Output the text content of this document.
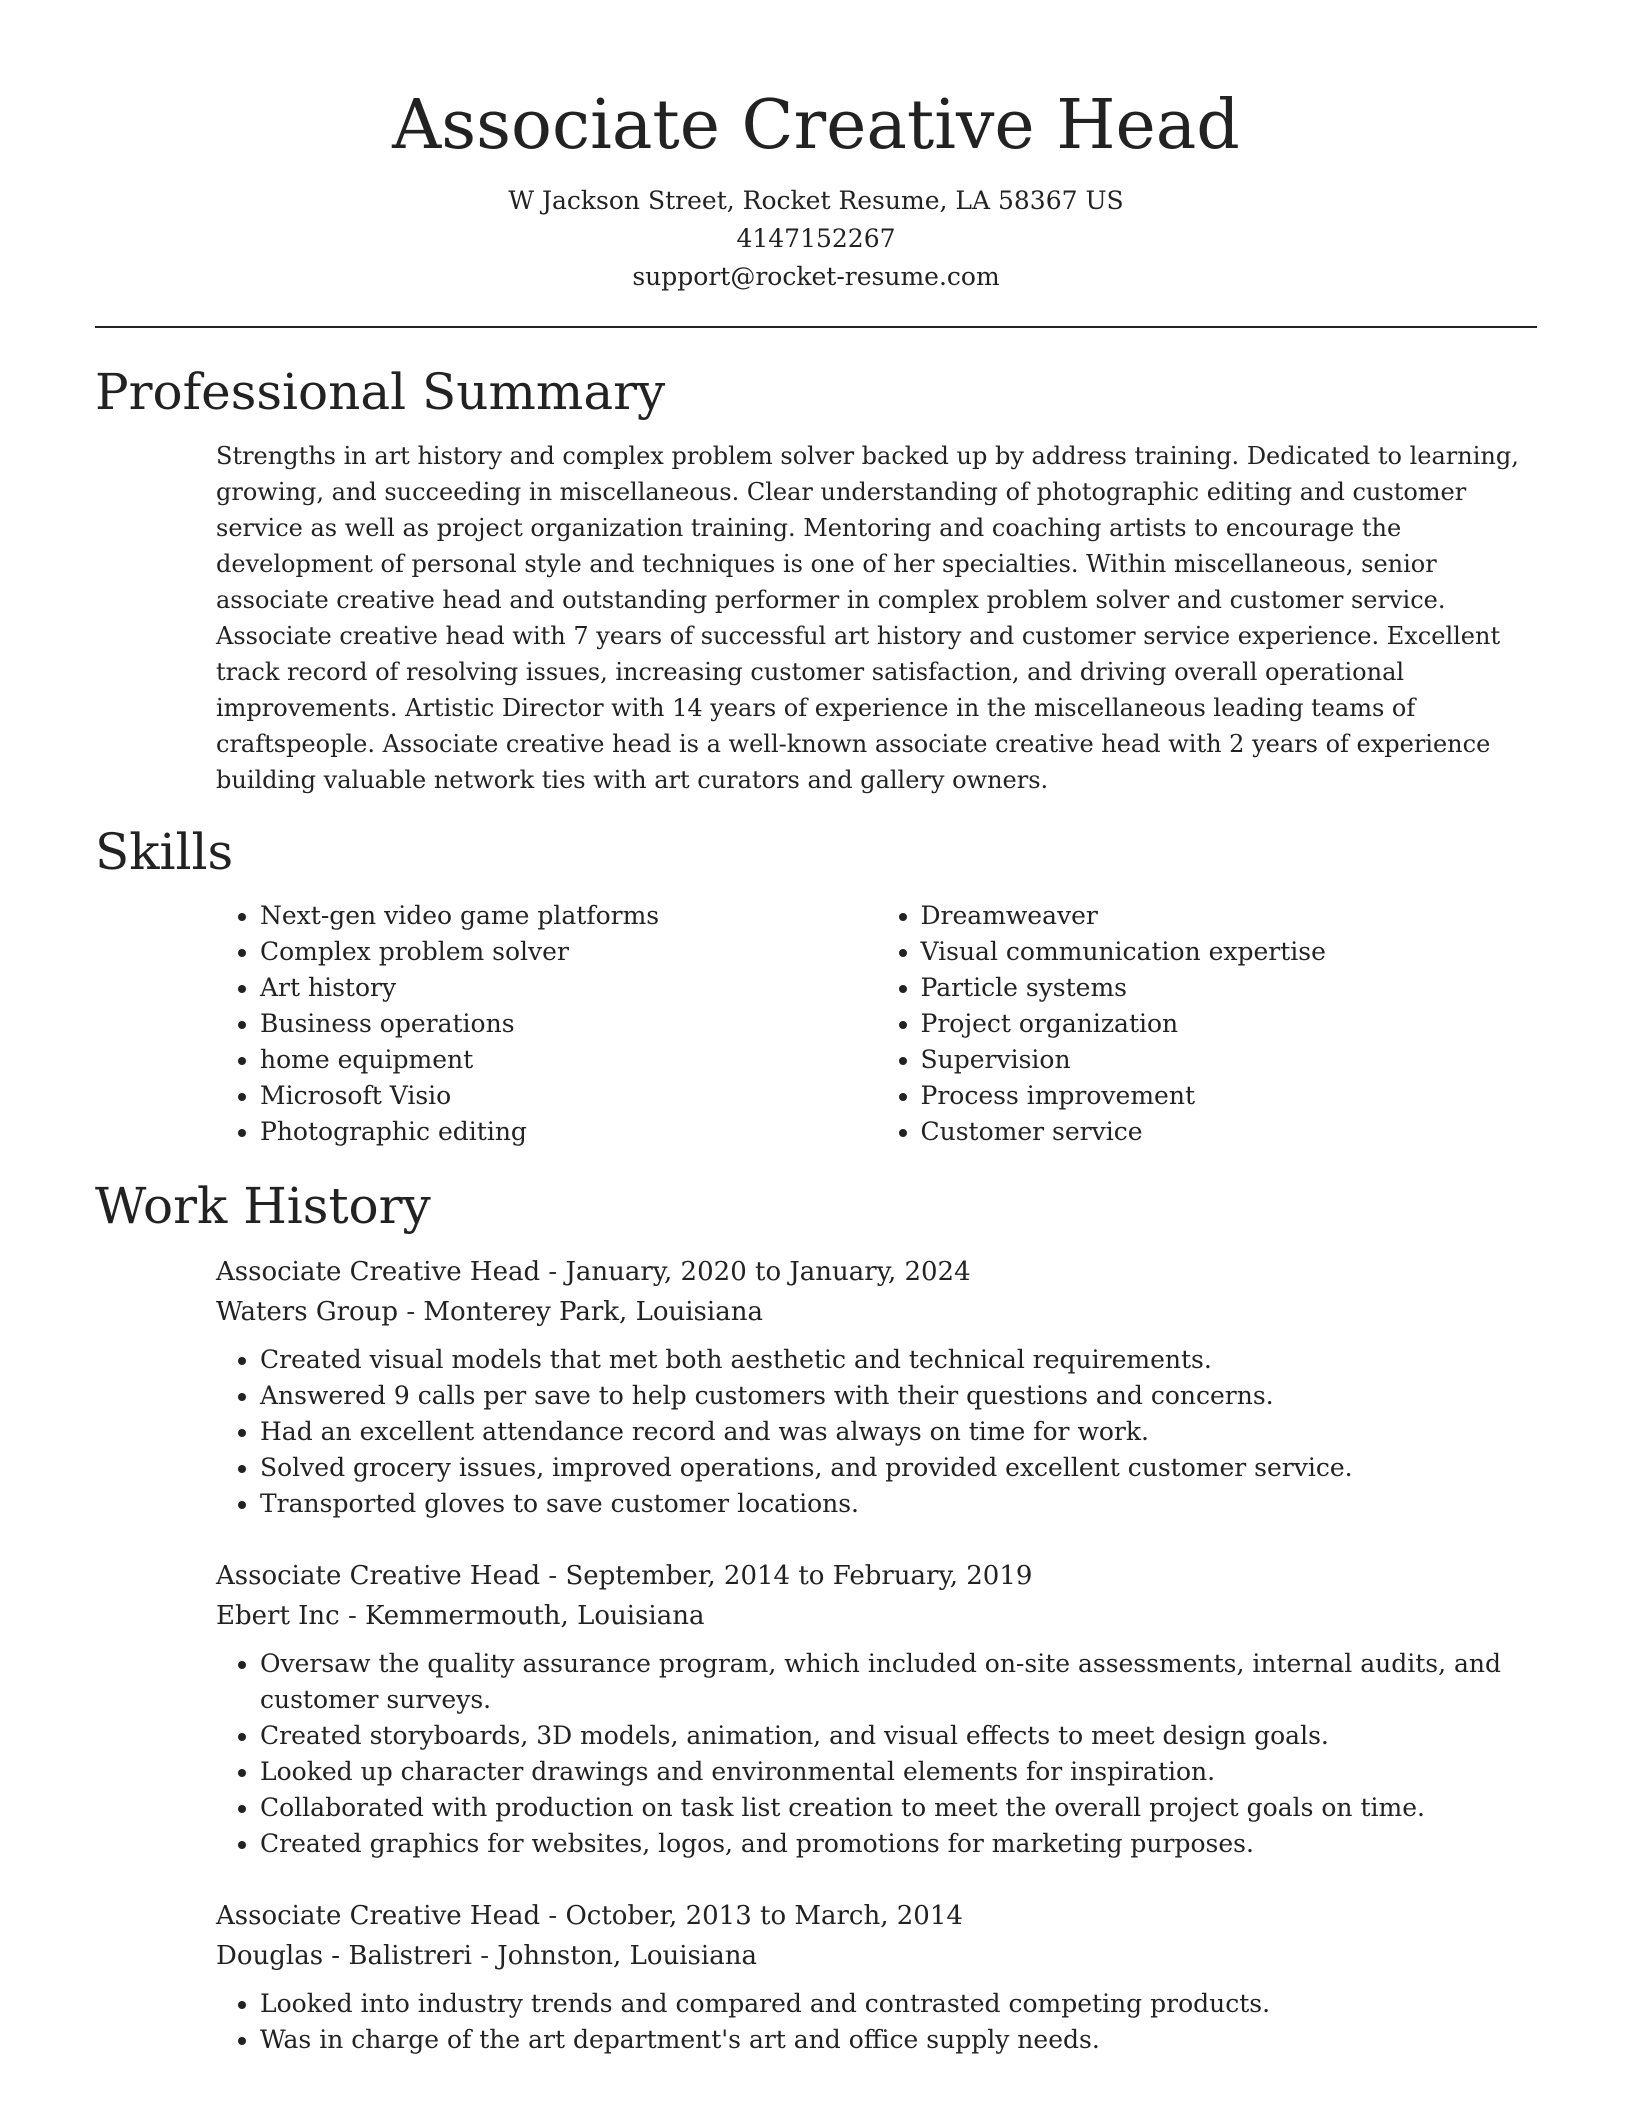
Associate Creative Head
W Jackson Street, Rocket Resume, LA 58367 US
4147152267
support@rocket-resume.com
Professional Summary
Strengths in art history and complex problem solver backed up by address training. Dedicated to learning, growing, and succeeding in miscellaneous. Clear understanding of photographic editing and customer service as well as project organization training. Mentoring and coaching artists to encourage the development of personal style and techniques is one of her specialties. Within miscellaneous, senior associate creative head and outstanding performer in complex problem solver and customer service. Associate creative head with 7 years of successful art history and customer service experience. Excellent track record of resolving issues, increasing customer satisfaction, and driving overall operational improvements. Artistic Director with 14 years of experience in the miscellaneous leading teams of craftspeople. Associate creative head is a well-known associate creative head with 2 years of experience building valuable network ties with art curators and gallery owners.
Skills
• Next-gen video game platforms
• Complex problem solver
• Art history
• Business operations
• home equipment
• Microsoft Visio
• Photographic editing
• Dreamweaver
• Visual communication expertise
• Particle systems
• Project organization
• Supervision
• Process improvement
• Customer service
Work History
Associate Creative Head - January, 2020 to January, 2024
Waters Group - Monterey Park, Louisiana
• Created visual models that met both aesthetic and technical requirements.
• Answered 9 calls per save to help customers with their questions and concerns.
• Had an excellent attendance record and was always on time for work.
• Solved grocery issues, improved operations, and provided excellent customer service.
• Transported gloves to save customer locations.
Associate Creative Head - September, 2014 to February, 2019
Ebert Inc - Kemmermouth, Louisiana
• Oversaw the quality assurance program, which included on-site assessments, internal audits, and customer surveys.
• Created storyboards, 3D models, animation, and visual effects to meet design goals.
• Looked up character drawings and environmental elements for inspiration.
• Collaborated with production on task list creation to meet the overall project goals on time.
• Created graphics for websites, logos, and promotions for marketing purposes.
Associate Creative Head - October, 2013 to March, 2014
Douglas - Balistreri - Johnston, Louisiana
• Looked into industry trends and compared and contrasted competing products.
• Was in charge of the art department's art and office supply needs.
